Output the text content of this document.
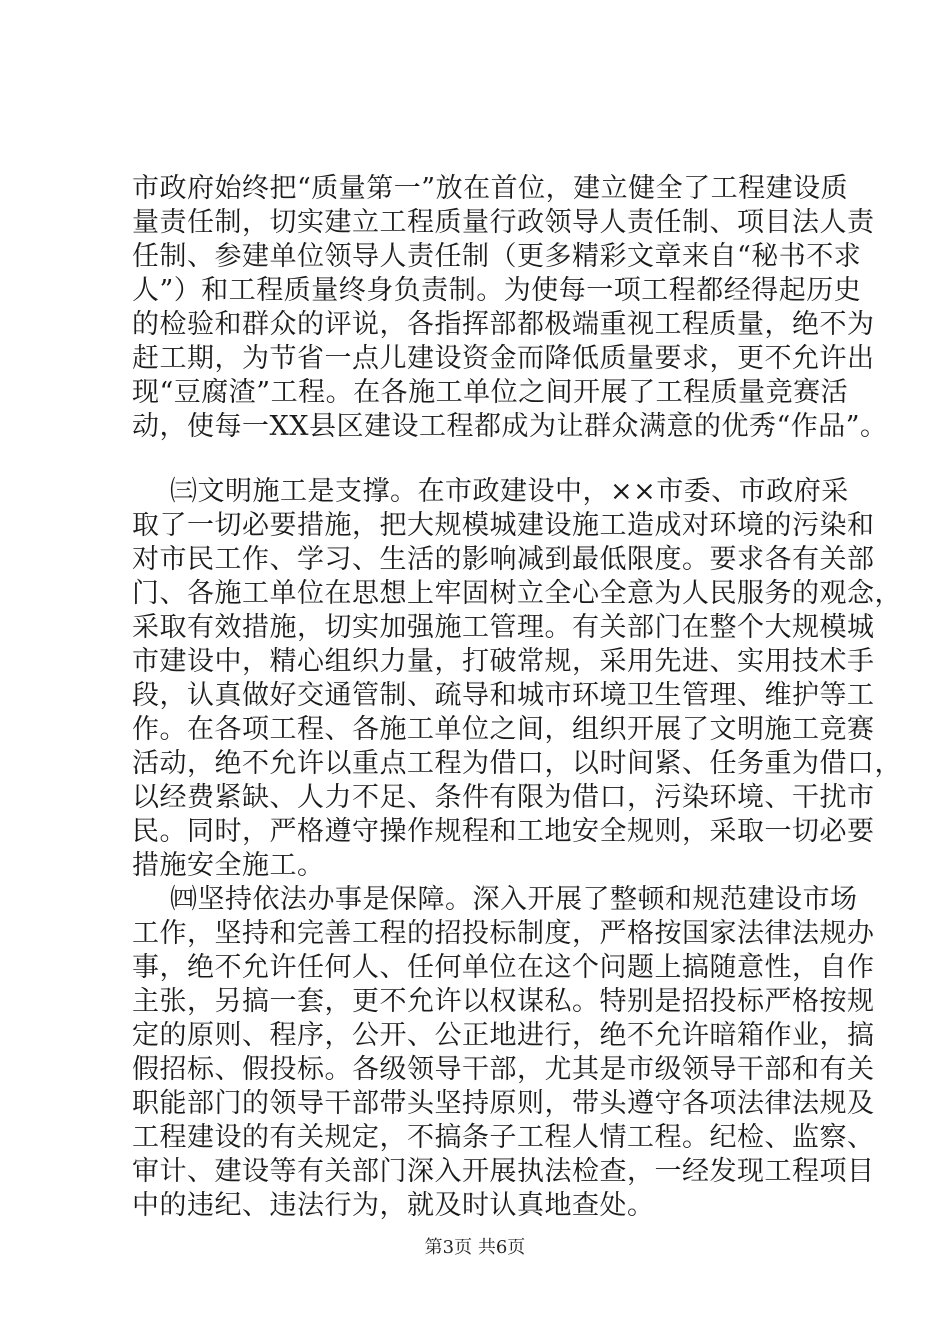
市政府始终把“质量第一”放在首位，建立健全了工程建设质
量责任制，切实建立工程质量行政领导人责任制、项目法人责
任制、参建单位领导人责任制（更多精彩文章来自“秘书不求
人”）和工程质量终身负责制。为使每一项工程都经得起历史
的检验和群众的评说，各指挥部都极端重视工程质量，绝不为
赶工期，为节省一点儿建设资金而降低质量要求，更不允许出
现“豆腐渣”工程。在各施工单位之间开展了工程质量竞赛活
动，使每一XX县区建设工程都成为让群众满意的优秀“作品”。
㈢文明施工是支撑。在市政建设中，××市委、市政府采
取了一切必要措施，把大规模城建设施工造成对环境的污染和
对市民工作、学习、生活的影响减到最低限度。要求各有关部
门、各施工单位在思想上牢固树立全心全意为人民服务的观念，
采取有效措施，切实加强施工管理。有关部门在整个大规模城
市建设中，精心组织力量，打破常规，采用先进、实用技术手
段，认真做好交通管制、疏导和城市环境卫生管理、维护等工
作。在各项工程、各施工单位之间，组织开展了文明施工竞赛
活动，绝不允许以重点工程为借口，以时间紧、任务重为借口，
以经费紧缺、人力不足、条件有限为借口，污染环境、干扰市
民。同时，严格遵守操作规程和工地安全规则，采取一切必要
措施安全施工。
㈣坚持依法办事是保障。深入开展了整顿和规范建设市场
工作，坚持和完善工程的招投标制度，严格按国家法律法规办
事，绝不允许任何人、任何单位在这个问题上搞随意性，自作
主张，另搞一套，更不允许以权谋私。特别是招投标严格按规
定的原则、程序，公开、公正地进行，绝不允许暗箱作业，搞
假招标、假投标。各级领导干部，尤其是市级领导干部和有关
职能部门的领导干部带头坚持原则，带头遵守各项法律法规及
工程建设的有关规定，不搞条子工程人情工程。纪检、监察、
审计、建设等有关部门深入开展执法检查，一经发现工程项目
中的违纪、违法行为，就及时认真地查处。
第3页 共6页
